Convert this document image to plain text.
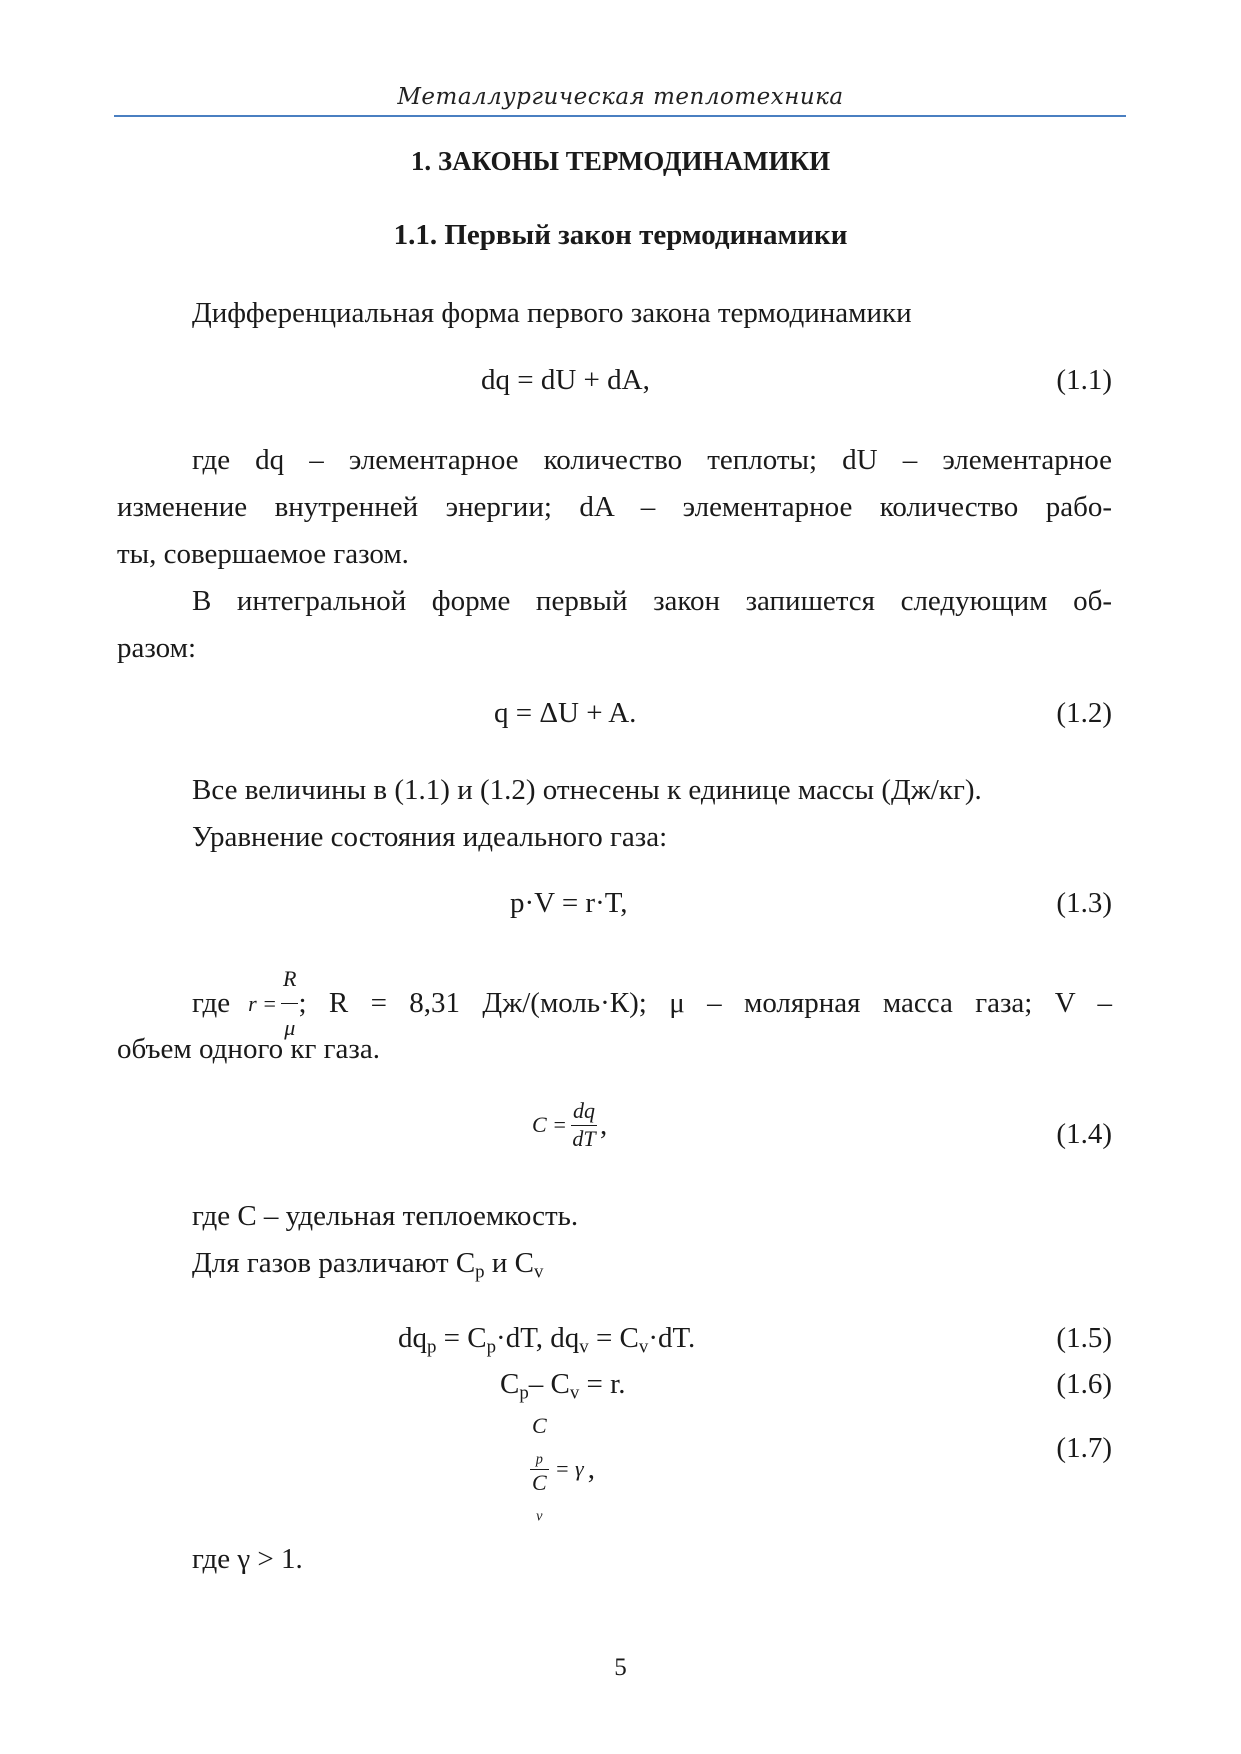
Металлургическая теплотехника
1. ЗАКОНЫ ТЕРМОДИНАМИКИ
1.1. Первый закон термодинамики
Дифференциальная форма первого закона термодинамики
dq = dU + dA,	(1.1)
где dq – элементарное количество теплоты; dU – элементарное
изменение внутренней энергии; dA – элементарное количество рабо-
ты, совершаемое газом.
В интегральной форме первый закон запишется следующим об-
разом:
q = ΔU + A.	(1.2)
Все величины в (1.1) и (1.2) отнесены к единице массы (Дж/кг).
Уравнение состояния идеального газа:
p·V = r·T,	(1.3)
где $r = \frac{R}{\mu}$ ; R = 8,31 Дж/(моль·К); μ – молярная масса газа; V –
объем одного кг газа.
$C = \frac{dq}{dT}$ ,	(1.4)
где C – удельная теплоемкость.
Для газов различают $C_p$ и $C_v$
$dq_p = C_p\cdot dT$, $dq_v = C_v\cdot dT$.	(1.5)
$C_p-$ $C_v = r$.	(1.6)
C
$_p$
C
$_v$ = γ ,
(1.7)
где γ > 1.
5
